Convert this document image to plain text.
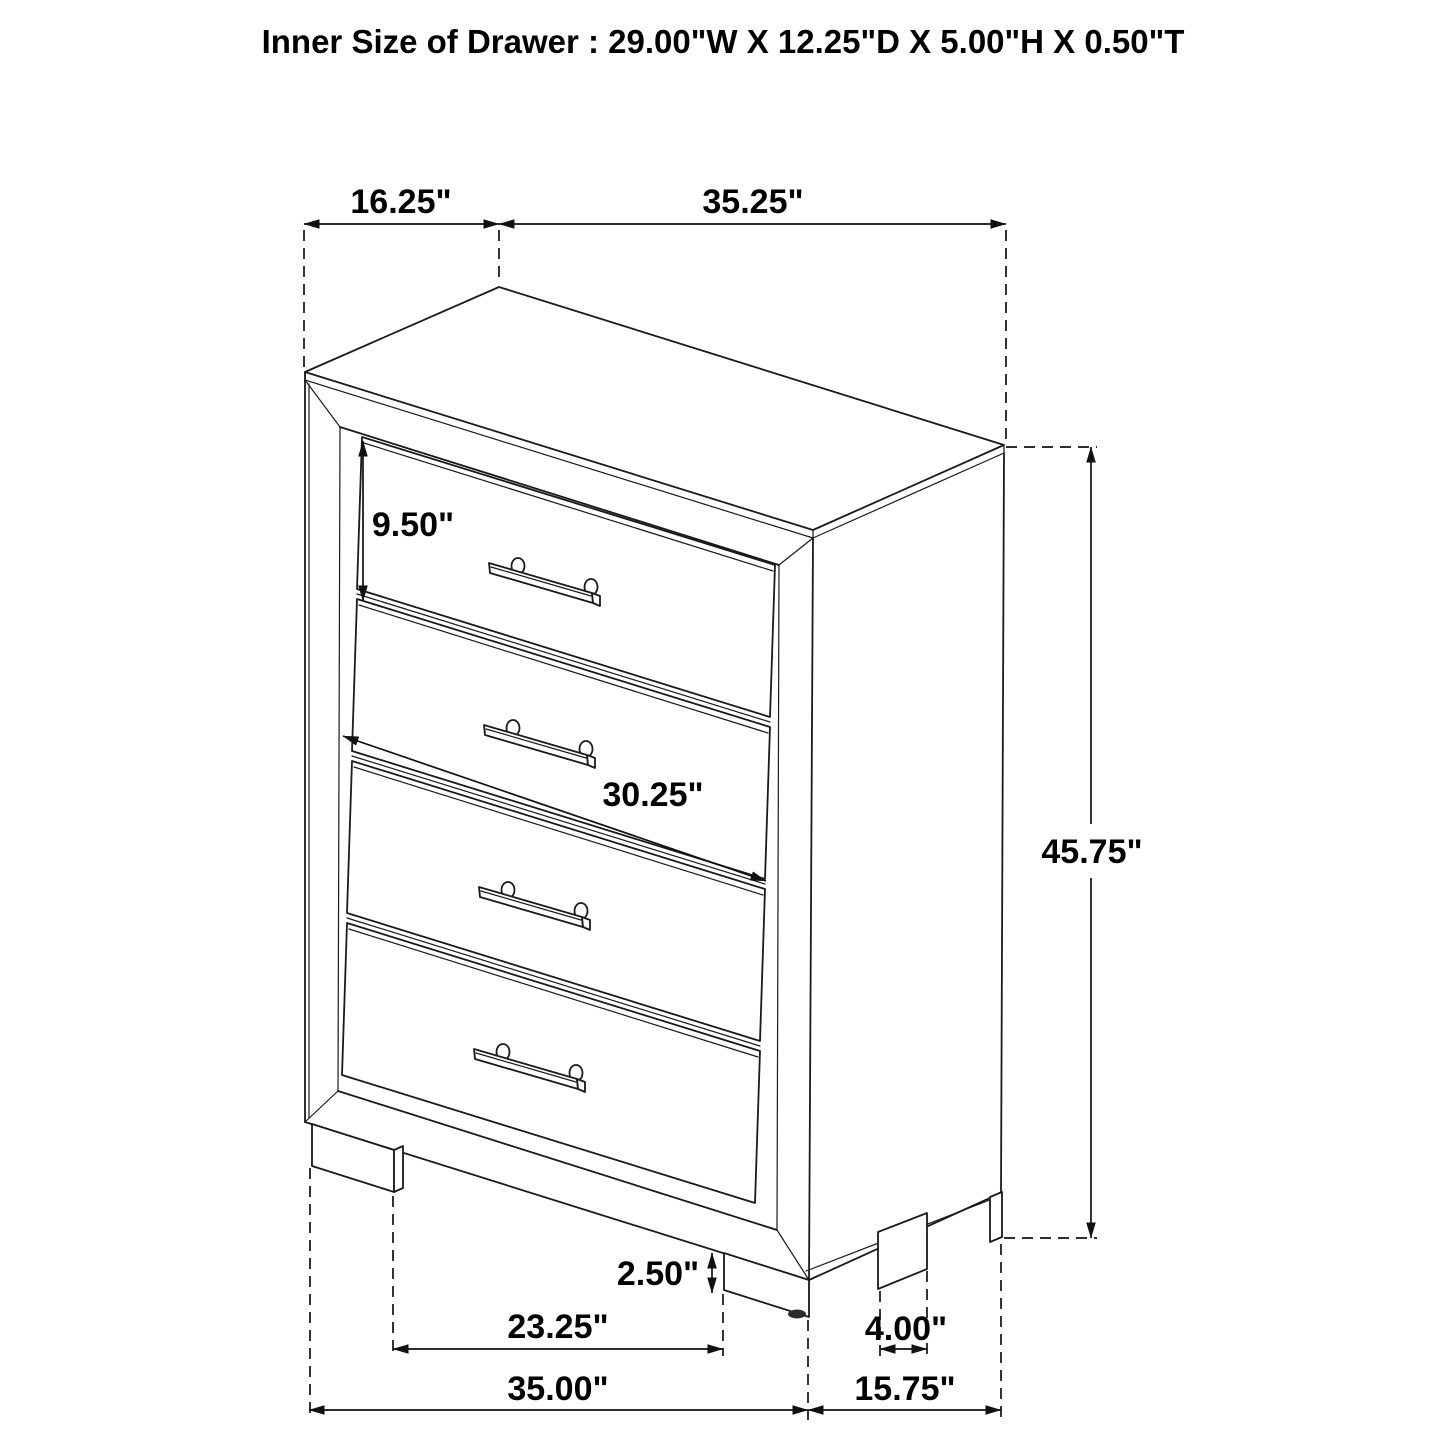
Inner Size of Drawer : 29.00"W X 12.25"D X 5.00"H X 0.50"T
16.25"	35.25"
9.50"
30.25"
45.75"
2.50"
23.25"	4.00"
35.00"	15.75"
